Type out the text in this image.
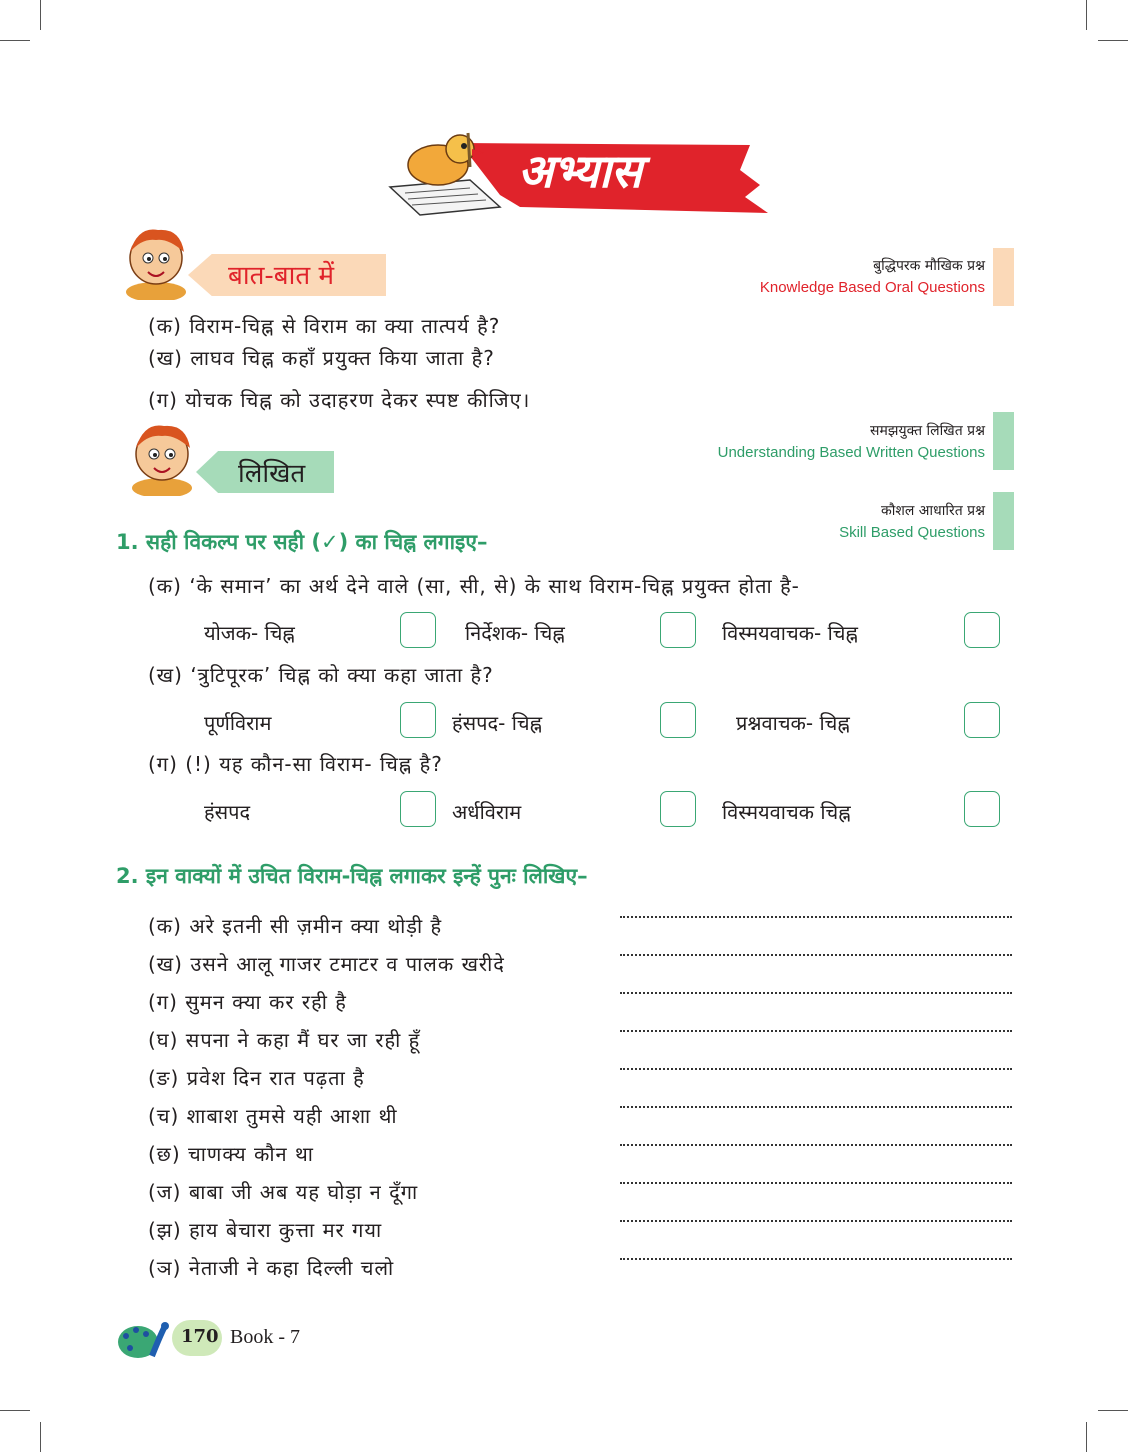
अभ्यास
बात-बात में	बुद्धिपरक मौखिक प्रश्न
Knowledge Based Oral Questions
(क) विराम-चिह्न से विराम का क्या तात्पर्य है?
(ख) लाघव चिह्न कहाँ प्रयुक्त किया जाता है?
(ग) योचक चिह्न को उदाहरण देकर स्पष्ट कीजिए।
लिखित
समझयुक्त लिखित प्रश्न
Understanding Based Written Questions
कौशल आधारित प्रश्न
Skill Based Questions
1. सही विकल्प पर सही (✓) का चिह्न लगाइए–
(क) ‘के समान’ का अर्थ देने वाले (सा, सी, से) के साथ विराम-चिह्न प्रयुक्त होता है-
योजक- चिह्न	निर्देशक- चिह्न	विस्मयवाचक- चिह्न
(ख) ‘त्रुटिपूरक’ चिह्न को क्या कहा जाता है?
पूर्णविराम	हंसपद- चिह्न	प्रश्नवाचक- चिह्न
(ग) (!) यह कौन-सा विराम- चिह्न है?
हंसपद	अर्धविराम	विस्मयवाचक चिह्न
2. इन वाक्यों में उचित विराम-चिह्न लगाकर इन्हें पुनः लिखिए–
(क) अरे इतनी सी ज़मीन क्या थोड़ी है
(ख) उसने आलू गाजर टमाटर व पालक खरीदे
(ग) सुमन क्या कर रही है
(घ) सपना ने कहा मैं घर जा रही हूँ
(ङ) प्रवेश दिन रात पढ़ता है
(च) शाबाश तुमसे यही आशा थी
(छ) चाणक्य कौन था
(ज) बाबा जी अब यह घोड़ा न दूँगा
(झ) हाय बेचारा कुत्ता मर गया
(ञ) नेताजी ने कहा दिल्ली चलो
170 Book - 7
